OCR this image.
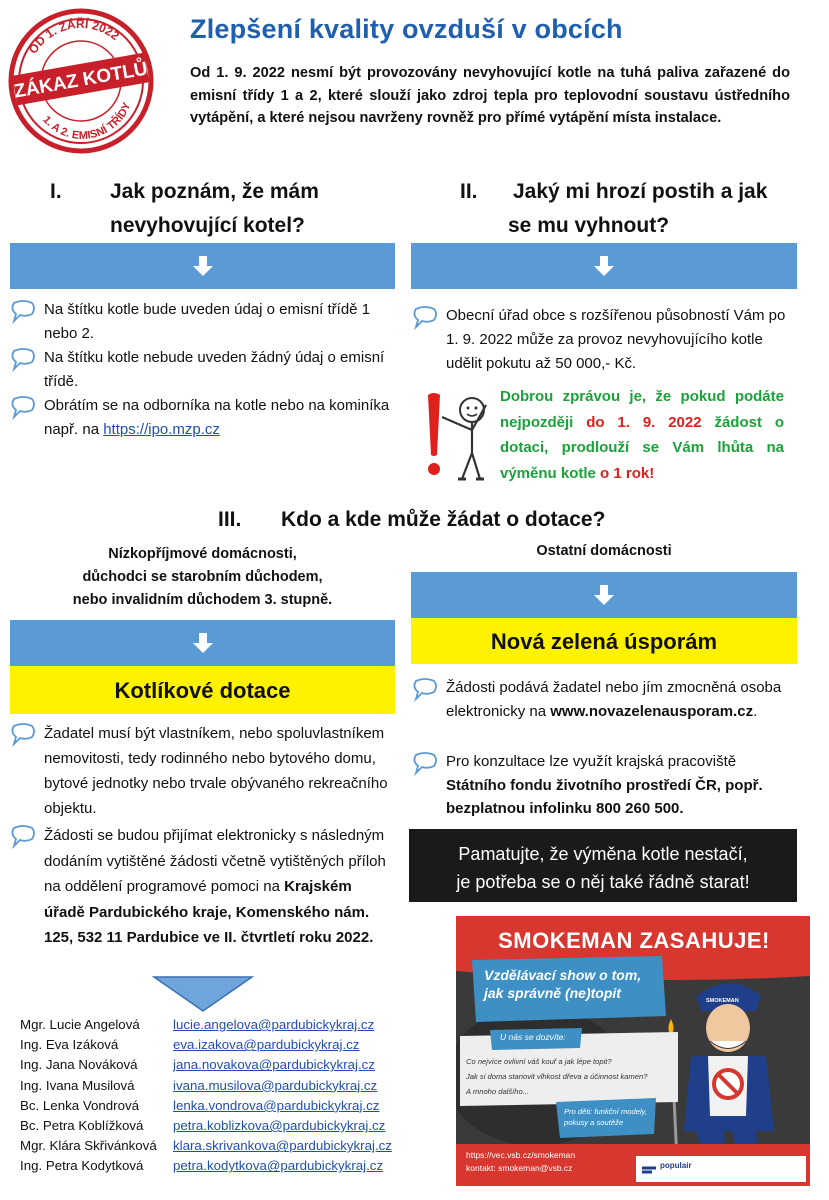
OD 1. ZÁŘÍ 2022
1. A 2. EMISNÍ TŘÍDY
ZÁKAZ KOTLŮ
Zlepšení kvality ovzduší v obcích
Od 1. 9. 2022 nesmí být provozovány nevyhovující kotle na tuhá paliva zařazené do emisní třídy 1 a 2, které slouží jako zdroj tepla pro teplovodní soustavu ústředního vytápění, a které nejsou navrženy rovněž pro přímé vytápění místa instalace.
I. Jak poznám, že mám
nevyhovující kotel?
II. Jaký mi hrozí postih a jak
se mu vyhnout?
Na štítku kotle bude uveden údaj o emisní třídě 1 nebo 2.
Na štítku kotle nebude uveden žádný údaj o emisní třídě.
Obrátím se na odborníka na kotle nebo na kominíka např. na https://ipo.mzp.cz
Obecní úřad obce s rozšířenou působností Vám po 1. 9. 2022 může za provoz nevyhovujícího kotle udělit pokutu až 50 000,- Kč.
Dobrou zprávou je, že pokud podáte nejpozději do 1. 9. 2022 žádost o dotaci, prodlouží se Vám lhůta na výměnu kotle o 1 rok!
III. Kdo a kde může žádat o dotace?
Nízkopříjmové domácnosti,
důchodci se starobním důchodem,
nebo invalidním důchodem 3. stupně.
Ostatní domácnosti
Nová zelená úsporám
Kotlíkové dotace
Žadatel musí být vlastníkem, nebo spoluvlastníkem nemovitosti, tedy rodinného nebo bytového domu, bytové jednotky nebo trvale obývaného rekreačního objektu.
Žádosti se budou přijímat elektronicky s následným dodáním vytištěné žádosti včetně vytištěných příloh na oddělení programové pomoci na Krajském úřadě Pardubického kraje, Komenského nám. 125, 532 11 Pardubice ve II. čtvrtletí roku 2022.
Žádosti podává žadatel nebo jím zmocněná osoba elektronicky na www.novazelenausporam.cz.
Pro konzultace lze využít krajská pracoviště Státního fondu životního prostředí ČR, popř. bezplatnou infolinku 800 260 500.
Pamatujte, že výměna kotle nestačí,
je potřeba se o něj také řádně starat!
Mgr. Lucie Angelová	lucie.angelova@pardubickykraj.cz
Ing. Eva Izáková	eva.izakova@pardubickykraj.cz
Ing. Jana Nováková	jana.novakova@pardubickykraj.cz
Ing. Ivana Musilová	ivana.musilova@pardubickykraj.cz
Bc. Lenka Vondrová	lenka.vondrova@pardubickykraj.cz
Bc. Petra Koblížková	petra.koblizkova@pardubickykraj.cz
Mgr. Klára Skřivánková	klara.skrivankova@pardubickykraj.cz
Ing. Petra Kodytková	petra.kodytkova@pardubickykraj.cz
SMOKEMAN ZASAHUJE!
Vzdělávací show o tom,
jak správně (ne)topit
U nás se dozvíte:
Co nejvíce ovlivní váš kouř a jak lépe topit?
Jak si doma stanovit vlhkost dřeva a účinnost kamen?
A mnoho dalšího...
Pro děti: funkční modely, pokusy a soutěže
https://vec.vsb.cz/smokeman
kontakt: smokeman@vsb.cz	populair
SMOKEMAN
